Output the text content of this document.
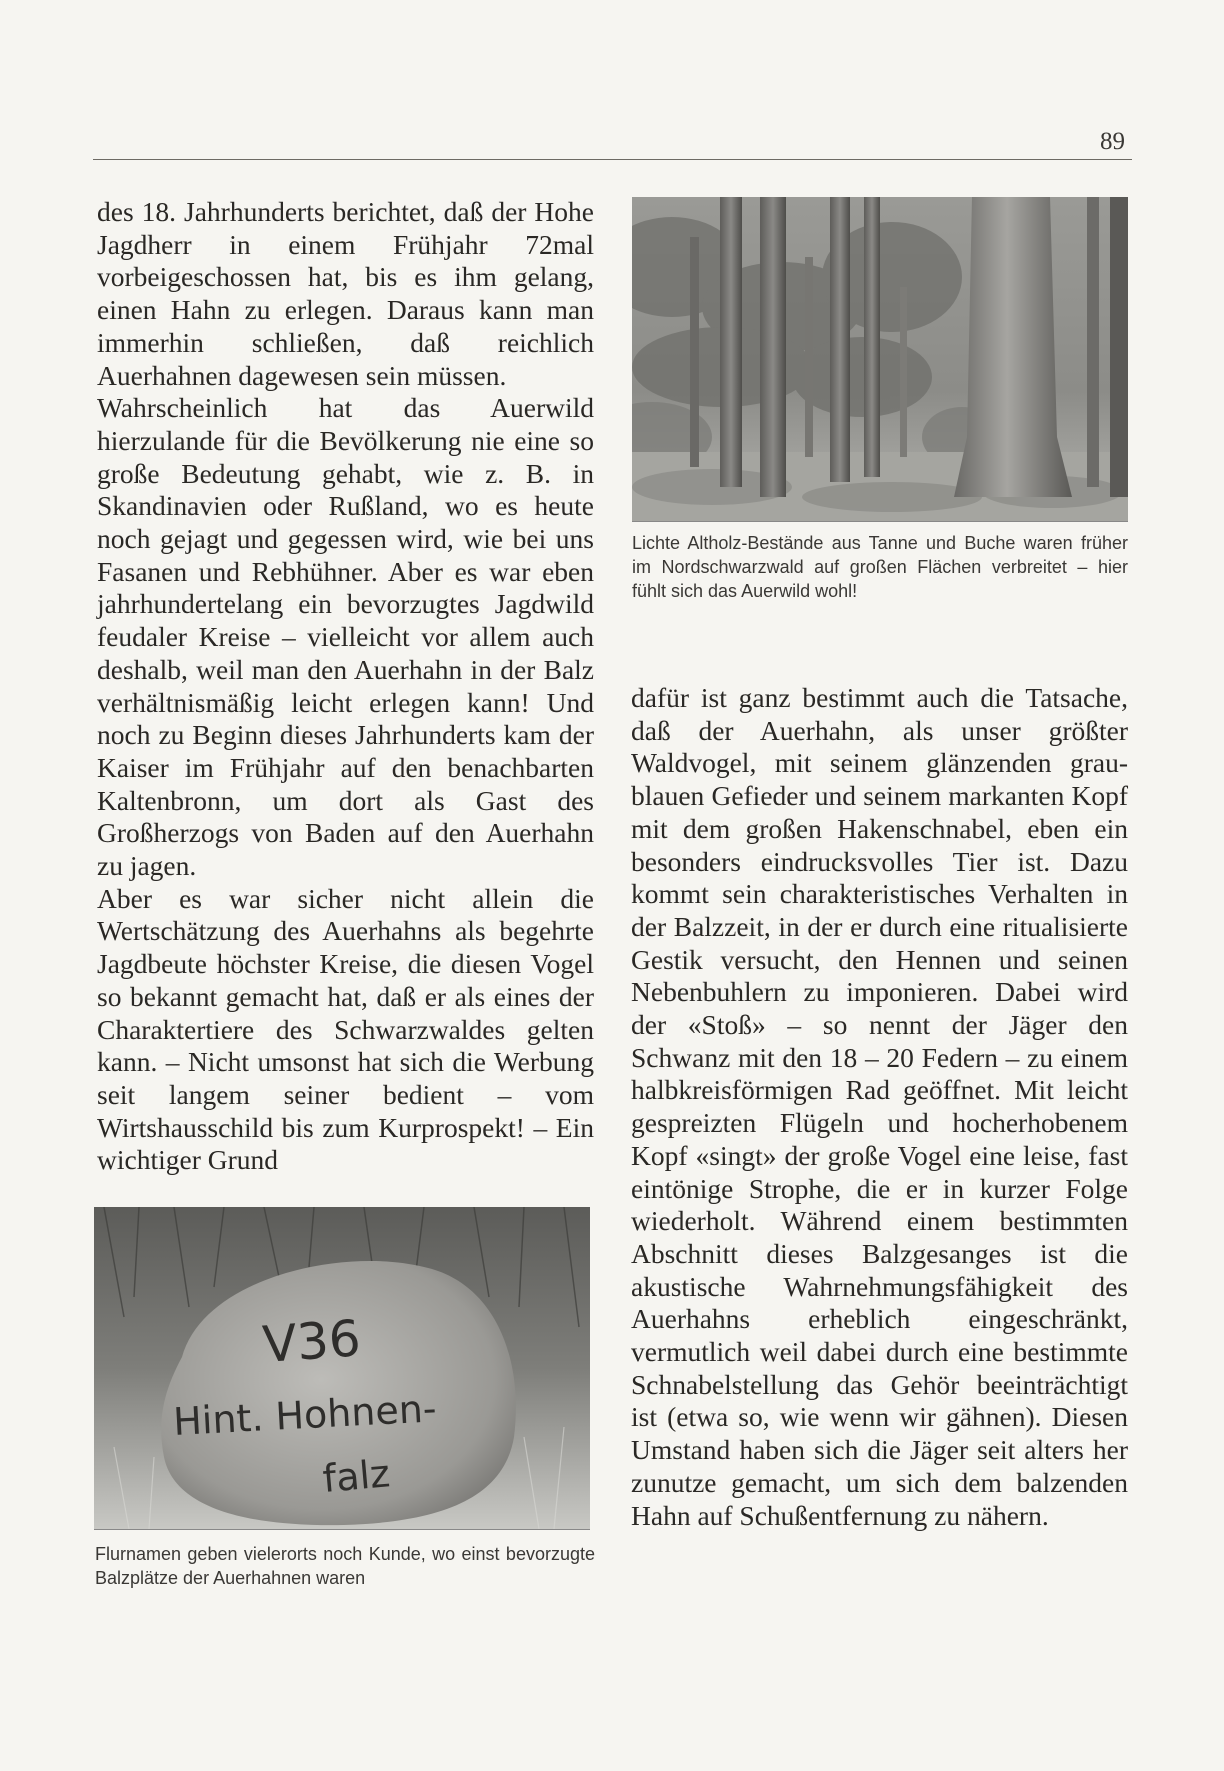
89

des 18. Jahrhunderts berichtet, daß der Hohe Jagdherr in einem Frühjahr 72mal vorbeigeschossen hat, bis es ihm gelang, einen Hahn zu erlegen. Daraus kann man immerhin schließen, daß reichlich Auerhahnen dagewesen sein müssen.

Wahrscheinlich hat das Auerwild hierzulande für die Bevölkerung nie eine so große Bedeutung gehabt, wie z. B. in Skandinavien oder Rußland, wo es heute noch gejagt und gegessen wird, wie bei uns Fasanen und Rebhühner. Aber es war eben jahrhundertelang ein bevorzugtes Jagdwild feudaler Kreise – vielleicht vor allem auch deshalb, weil man den Auerhahn in der Balz verhältnismäßig leicht erlegen kann! Und noch zu Beginn dieses Jahrhunderts kam der Kaiser im Frühjahr auf den benachbarten Kaltenbronn, um dort als Gast des Großherzogs von Baden auf den Auerhahn zu jagen.

Aber es war sicher nicht allein die Wertschätzung des Auerhahns als begehrte Jagdbeute höchster Kreise, die diesen Vogel so bekannt gemacht hat, daß er als eines der Charaktertiere des Schwarzwaldes gelten kann. – Nicht umsonst hat sich die Werbung seit langem seiner bedient – vom Wirtshausschild bis zum Kurprospekt! – Ein wichtiger Grund

Lichte Altholz-Bestände aus Tanne und Buche waren früher im Nordschwarzwald auf großen Flächen verbreitet – hier fühlt sich das Auerwild wohl!

dafür ist ganz bestimmt auch die Tatsache, daß der Auerhahn, als unser größter Waldvogel, mit seinem glänzenden grau-blauen Gefieder und seinem markanten Kopf mit dem großen Hakenschnabel, eben ein besonders eindrucksvolles Tier ist. Dazu kommt sein charakteristisches Verhalten in der Balzzeit, in der er durch eine ritualisierte Gestik versucht, den Hennen und seinen Nebenbuhlern zu imponieren. Dabei wird der «Stoß» – so nennt der Jäger den Schwanz mit den 18 – 20 Federn – zu einem halbkreisförmigen Rad geöffnet. Mit leicht gespreizten Flügeln und hocherhobenem Kopf «singt» der große Vogel eine leise, fast eintönige Strophe, die er in kurzer Folge wiederholt. Während einem bestimmten Abschnitt dieses Balzgesanges ist die akustische Wahrnehmungsfähigkeit des Auerhahns erheblich eingeschränkt, vermutlich weil dabei durch eine bestimmte Schnabelstellung das Gehör beeinträchtigt ist (etwa so, wie wenn wir gähnen). Diesen Umstand haben sich die Jäger seit alters her zunutze gemacht, um sich dem balzenden Hahn auf Schußentfernung zu nähern.

Ⅴ36
Hint. Hohnen-
falz

Flurnamen geben vielerorts noch Kunde, wo einst bevorzugte Balzplätze der Auerhahnen waren
